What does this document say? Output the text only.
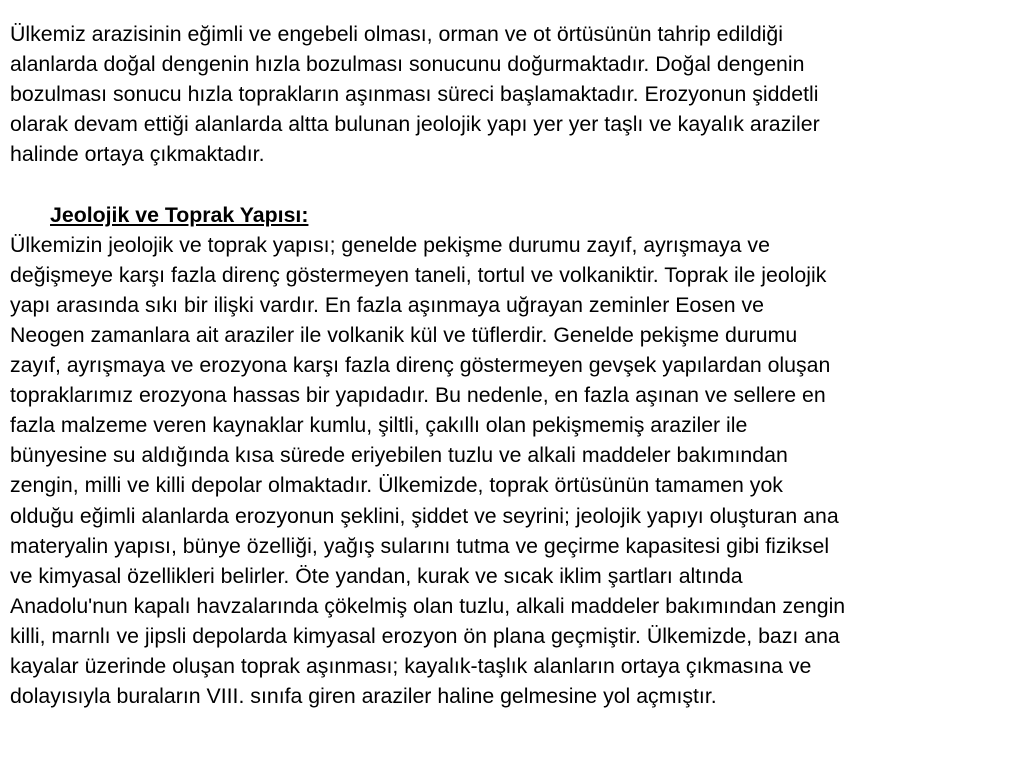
Ülkemiz arazisinin eğimli ve engebeli olması, orman ve ot örtüsünün tahrip edildiği
alanlarda doğal dengenin hızla bozulması sonucunu doğurmaktadır. Doğal dengenin
bozulması sonucu hızla toprakların aşınması süreci başlamaktadır. Erozyonun şiddetli
olarak devam ettiği alanlarda altta bulunan jeolojik yapı yer yer taşlı ve kayalık araziler
halinde ortaya çıkmaktadır.

Jeolojik ve Toprak Yapısı:

Ülkemizin jeolojik ve toprak yapısı; genelde pekişme durumu zayıf, ayrışmaya ve
değişmeye karşı fazla direnç göstermeyen taneli, tortul ve volkaniktir. Toprak ile jeolojik
yapı arasında sıkı bir ilişki vardır. En fazla aşınmaya uğrayan zeminler Eosen ve
Neogen zamanlara ait araziler ile volkanik kül ve tüflerdir. Genelde pekişme durumu
zayıf, ayrışmaya ve erozyona karşı fazla direnç göstermeyen gevşek yapılardan oluşan
topraklarımız erozyona hassas bir yapıdadır. Bu nedenle, en fazla aşınan ve sellere en
fazla malzeme veren kaynaklar kumlu, şiltli, çakıllı olan pekişmemiş araziler ile
bünyesine su aldığında kısa sürede eriyebilen tuzlu ve alkali maddeler bakımından
zengin, milli ve killi depolar olmaktadır. Ülkemizde, toprak örtüsünün tamamen yok
olduğu eğimli alanlarda erozyonun şeklini, şiddet ve seyrini; jeolojik yapıyı oluşturan ana
materyalin yapısı, bünye özelliği, yağış sularını tutma ve geçirme kapasitesi gibi fiziksel
ve kimyasal özellikleri belirler. Öte yandan, kurak ve sıcak iklim şartları altında
Anadolu'nun kapalı havzalarında çökelmiş olan tuzlu, alkali maddeler bakımından zengin
killi, marnlı ve jipsli depolarda kimyasal erozyon ön plana geçmiştir. Ülkemizde, bazı ana
kayalar üzerinde oluşan toprak aşınması; kayalık-taşlık alanların ortaya çıkmasına ve
dolayısıyla buraların VIII. sınıfa giren araziler haline gelmesine yol açmıştır.
